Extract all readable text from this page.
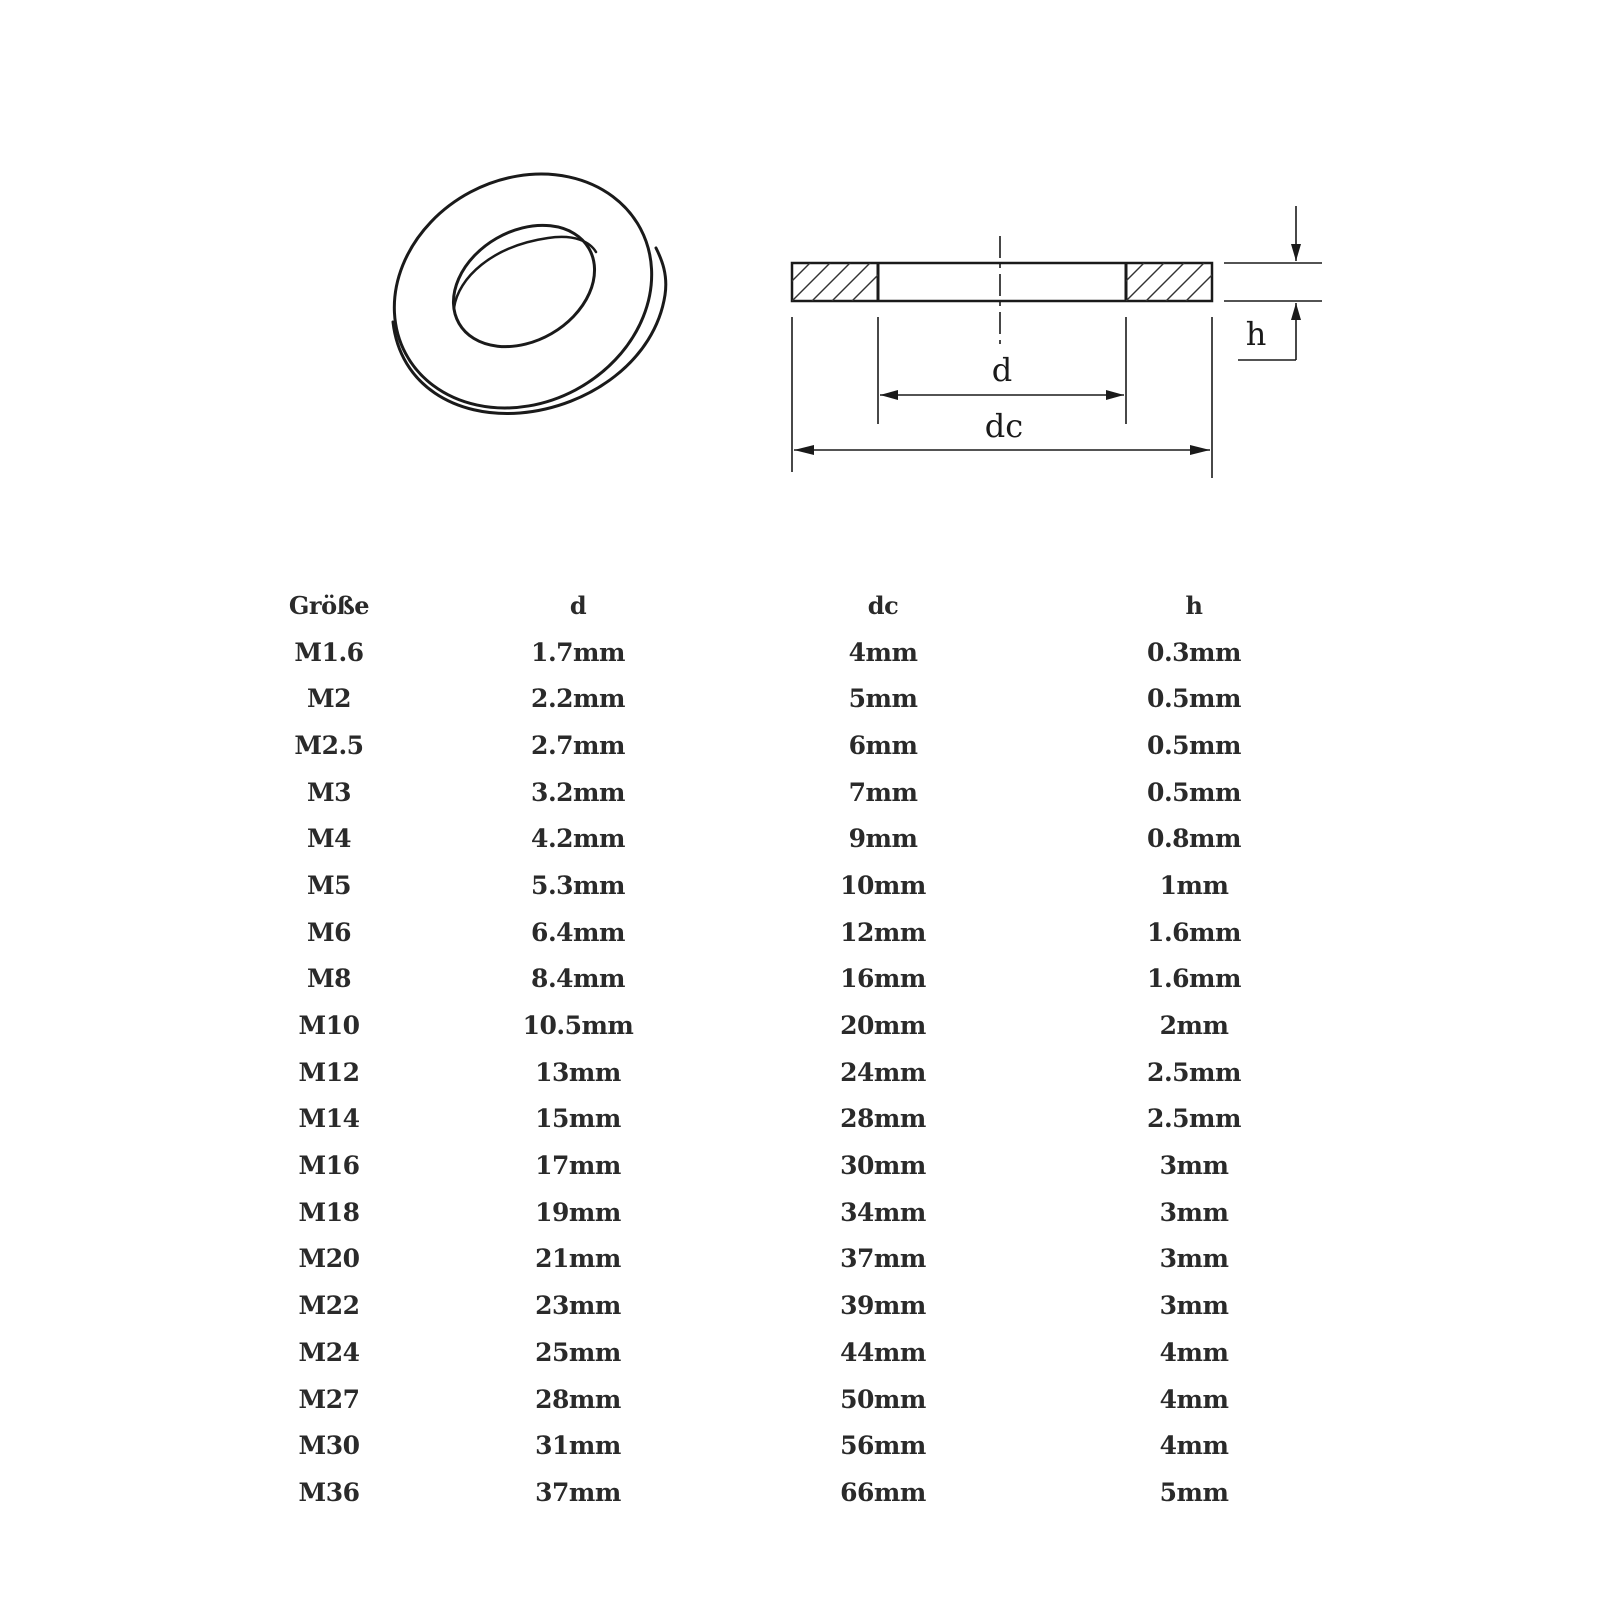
d
dc
h
Größe	d	dc	h
M1.6	1.7mm	4mm	0.3mm
M2	2.2mm	5mm	0.5mm
M2.5	2.7mm	6mm	0.5mm
M3	3.2mm	7mm	0.5mm
M4	4.2mm	9mm	0.8mm
M5	5.3mm	10mm	1mm
M6	6.4mm	12mm	1.6mm
M8	8.4mm	16mm	1.6mm
M10	10.5mm	20mm	2mm
M12	13mm	24mm	2.5mm
M14	15mm	28mm	2.5mm
M16	17mm	30mm	3mm
M18	19mm	34mm	3mm
M20	21mm	37mm	3mm
M22	23mm	39mm	3mm
M24	25mm	44mm	4mm
M27	28mm	50mm	4mm
M30	31mm	56mm	4mm
M36	37mm	66mm	5mm
